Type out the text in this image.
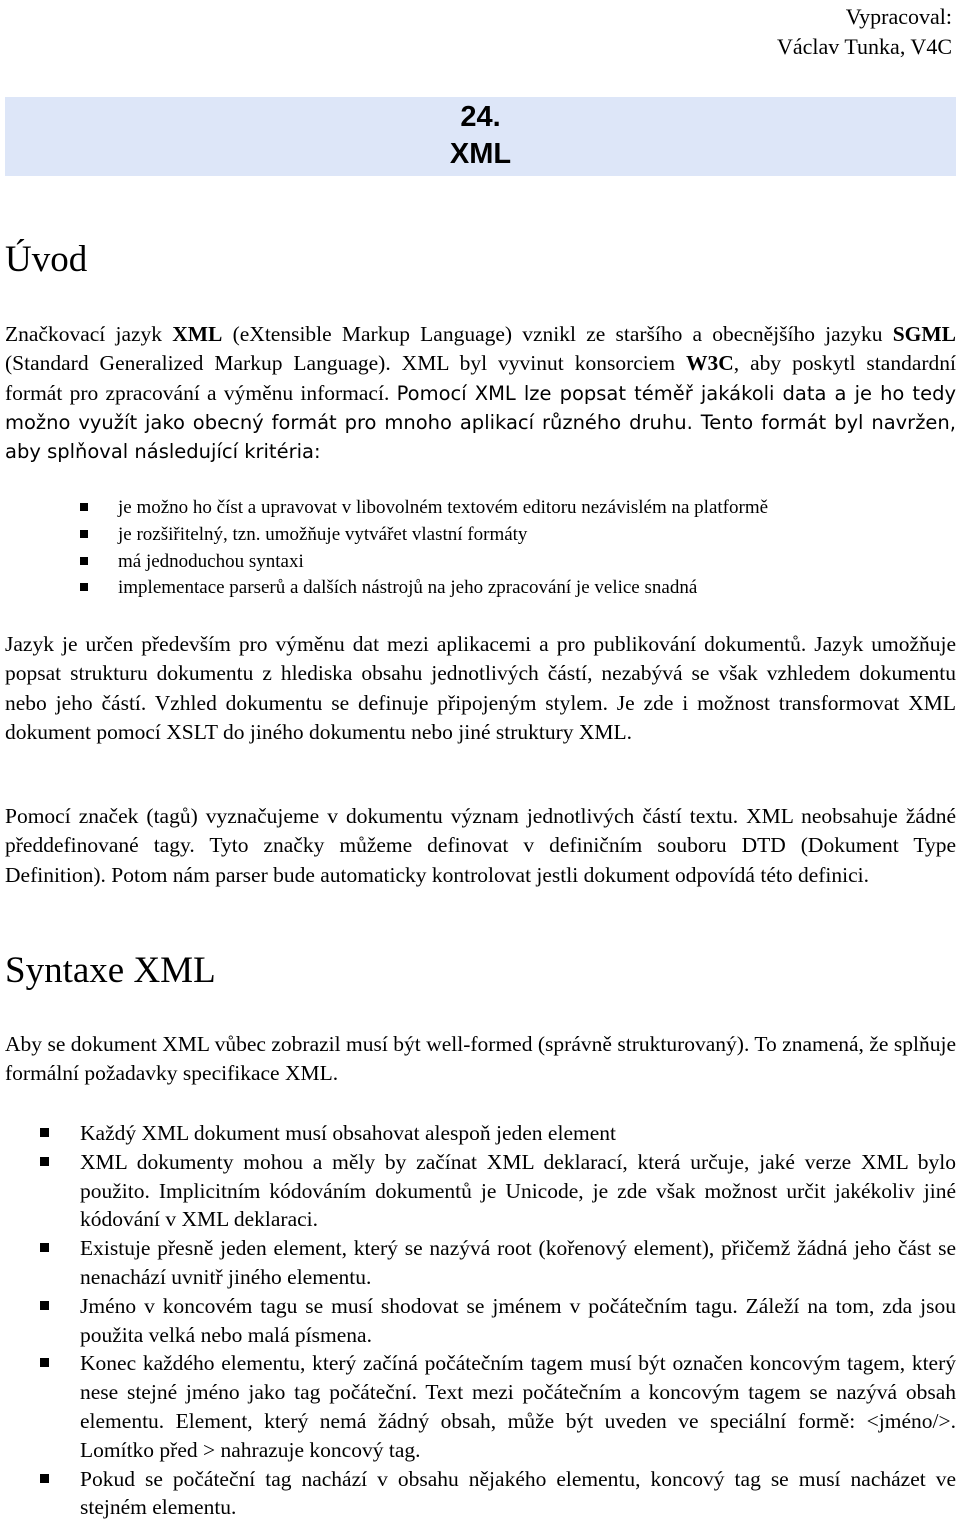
Vypracoval:
Václav Tunka, V4C
24.
XML
Úvod

Značkovací jazyk XML (eXtensible Markup Language) vznikl ze staršího a obecnějšího jazyku SGML (Standard Generalized Markup Language). XML byl vyvinut konsorciem W3C, aby poskytl standardní formát pro zpracování a výměnu informací. Pomocí XML lze popsat téměř jakákoli data a je ho tedy možno využít jako obecný formát pro mnoho aplikací různého druhu. Tento formát byl navržen, aby splňoval následující kritéria:

je možno ho číst a upravovat v libovolném textovém editoru nezávislém na platformě
je rozšiřitelný, tzn. umožňuje vytvářet vlastní formáty
má jednoduchou syntaxi
implementace parserů a dalších nástrojů na jeho zpracování je velice snadná

Jazyk je určen především pro výměnu dat mezi aplikacemi a pro publikování dokumentů. Jazyk umožňuje popsat strukturu dokumentu z hlediska obsahu jednotlivých částí, nezabývá se však vzhledem dokumentu nebo jeho částí. Vzhled dokumentu se definuje připojeným stylem. Je zde i možnost transformovat XML dokument pomocí XSLT do jiného dokumentu nebo jiné struktury XML.

Pomocí značek (tagů) vyznačujeme v dokumentu význam jednotlivých částí textu. XML neobsahuje žádné předdefinované tagy. Tyto značky můžeme definovat v definičním souboru DTD (Dokument Type Definition). Potom nám parser bude automaticky kontrolovat jestli dokument odpovídá této definici.

Syntaxe XML

Aby se dokument XML vůbec zobrazil musí být well-formed (správně strukturovaný). To znamená, že splňuje formální požadavky specifikace XML.

Každý XML dokument musí obsahovat alespoň jeden element
XML dokumenty mohou a měly by začínat XML deklarací, která určuje, jaké verze XML bylo použito. Implicitním kódováním dokumentů je Unicode, je zde však možnost určit jakékoliv jiné kódování v XML deklaraci.
Existuje přesně jeden element, který se nazývá root (kořenový element), přičemž žádná jeho část se nenachází uvnitř jiného elementu.
Jméno v koncovém tagu se musí shodovat se jménem v počátečním tagu. Záleží na tom, zda jsou použita velká nebo malá písmena.
Konec každého elementu, který začíná počátečním tagem musí být označen koncovým tagem, který nese stejné jméno jako tag počáteční. Text mezi počátečním a koncovým tagem se nazývá obsah elementu. Element, který nemá žádný obsah, může být uveden ve speciální formě: <jméno/>. Lomítko před > nahrazuje koncový tag.
Pokud se počáteční tag nachází v obsahu nějakého elementu, koncový tag se musí nacházet ve stejném elementu.
